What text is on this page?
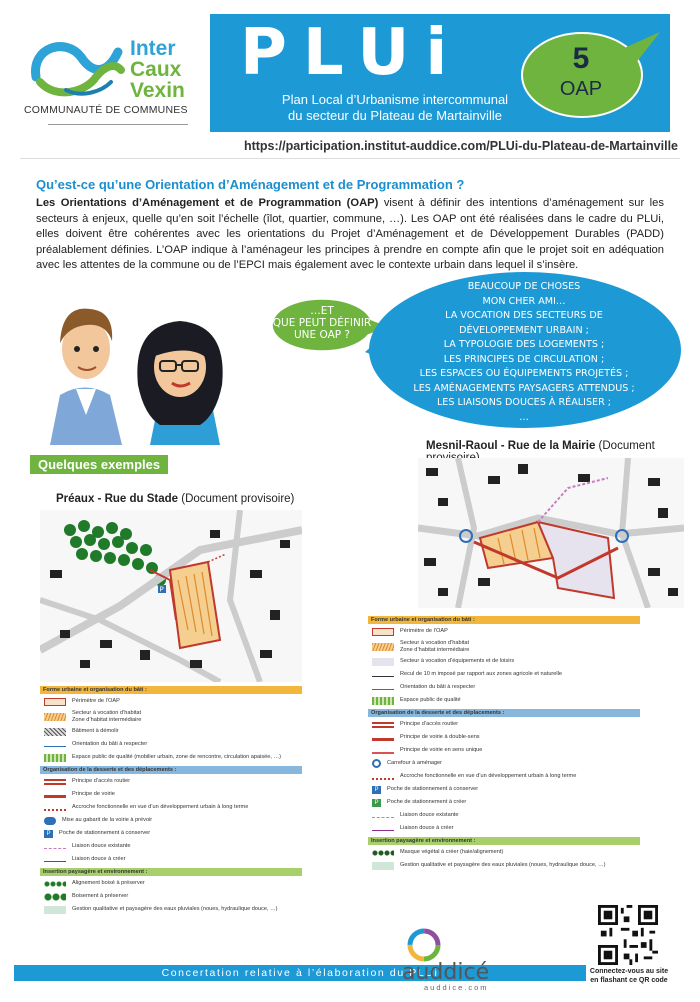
Inter
Caux
Vexin
COMMUNAUTÉ DE COMMUNES
PLUi
Plan Local d’Urbanisme intercommunal
du secteur du Plateau de Martainville
5
OAP
https://participation.institut-auddice.com/PLUi-du-Plateau-de-Martainville
Qu’est-ce qu’une Orientation d’Aménagement et de Programmation ?

Les Orientations d’Aménagement et de Programmation (OAP) visent à définir des intentions d’aménagement sur les secteurs à enjeux, quelle qu’en soit l’échelle (îlot, quartier, commune, …). Les OAP ont été réalisées dans le cadre du PLUi, elles doivent être cohérentes avec les orientations du Projet d’Aménagement et de Développement Durables (PADD) préalablement définies. L’OAP indique à l’aménageur les principes à prendre en compte afin que le projet soit en adéquation avec les attentes de la commune ou de l’EPCI mais également avec le contexte urbain dans lequel il s’insère.

…ET
QUE PEUT DÉFINIR
UNE OAP ?
BEAUCOUP DE CHOSES
MON CHER AMI…
LA VOCATION DES SECTEURS DE
DÉVELOPPEMENT URBAIN ;
LA TYPOLOGIE DES LOGEMENTS ;
LES PRINCIPES DE CIRCULATION ;
LES ESPACES OU ÉQUIPEMENTS PROJETÉS ;
LES AMÉNAGEMENTS PAYSAGERS ATTENDUS ;
LES LIAISONS DOUCES À RÉALISER ;
…
Quelques exemples
Préaux - Rue du Stade (Document provisoire)
Mesnil-Raoul - Rue de la Mairie (Document
P
Forme urbaine et organisation du bâti :
Périmètre de l’OAP
Secteur à vocation d’habitat
Zone d’habitat intermédiaire
Bâtiment à démolir
Orientation du bâti à respecter
Espace public de qualité (mobilier urbain, zone de rencontre, circulation apaisée, …)
Organisation de la desserte et des déplacements :
Principe d’accès routier
Principe de voirie
Accroche fonctionnelle en vue d’un développement urbain à long terme
Mise au gabarit de la voirie à prévoir
P	Poche de stationnement à conserver
Liaison douce existante
Liaison douce à créer
Insertion paysagère et environnement :
Alignement boisé à préserver
Boisement à préserver
Gestion qualitative et paysagère des eaux pluviales (noues, hydraulique douce, …)
Forme urbaine et organisation du bâti :
Périmètre de l’OAP
Secteur à vocation d’habitat
Zone d’habitat intermédiaire
Secteur à vocation d’équipements et de loisirs
Recul de 10 m imposé par rapport aux zones agricole et naturelle
Orientation du bâti à respecter
Espace public de qualité
Organisation de la desserte et des déplacements :
Principe d’accès routier
Principe de voirie à double-sens
Principe de voirie en sens unique
Carrefour à aménager
Accroche fonctionnelle en vue d’un développement urbain à long terme
P	Poche de stationnement à conserver
P	Poche de stationnement à créer
Liaison douce existante
Liaison douce à créer
Insertion paysagère et environnement :
Masque végétal à créer (haie/alignement)
Gestion qualitative et paysagère des eaux pluviales (noues, hydraulique douce, …)
Concertation relative à l’élaboration du PLUi
auddicé urbanisme
auddice.com
Connectez-vous au site
en flashant ce QR code
